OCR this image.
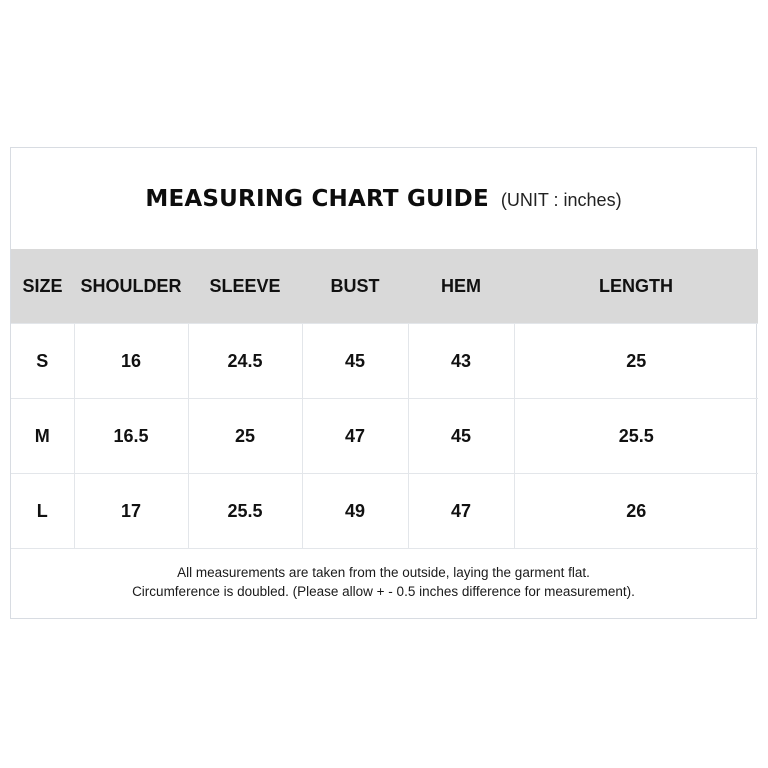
MEASURING CHART GUIDE (UNIT : inches)
SIZE	SHOULDER	SLEEVE	BUST	HEM	LENGTH
S	16	24.5	45	43	25
M	16.5	25	47	45	25.5
L	17	25.5	49	47	26
All measurements are taken from the outside, laying the garment flat.
Circumference is doubled. (Please allow + - 0.5 inches difference for measurement).
